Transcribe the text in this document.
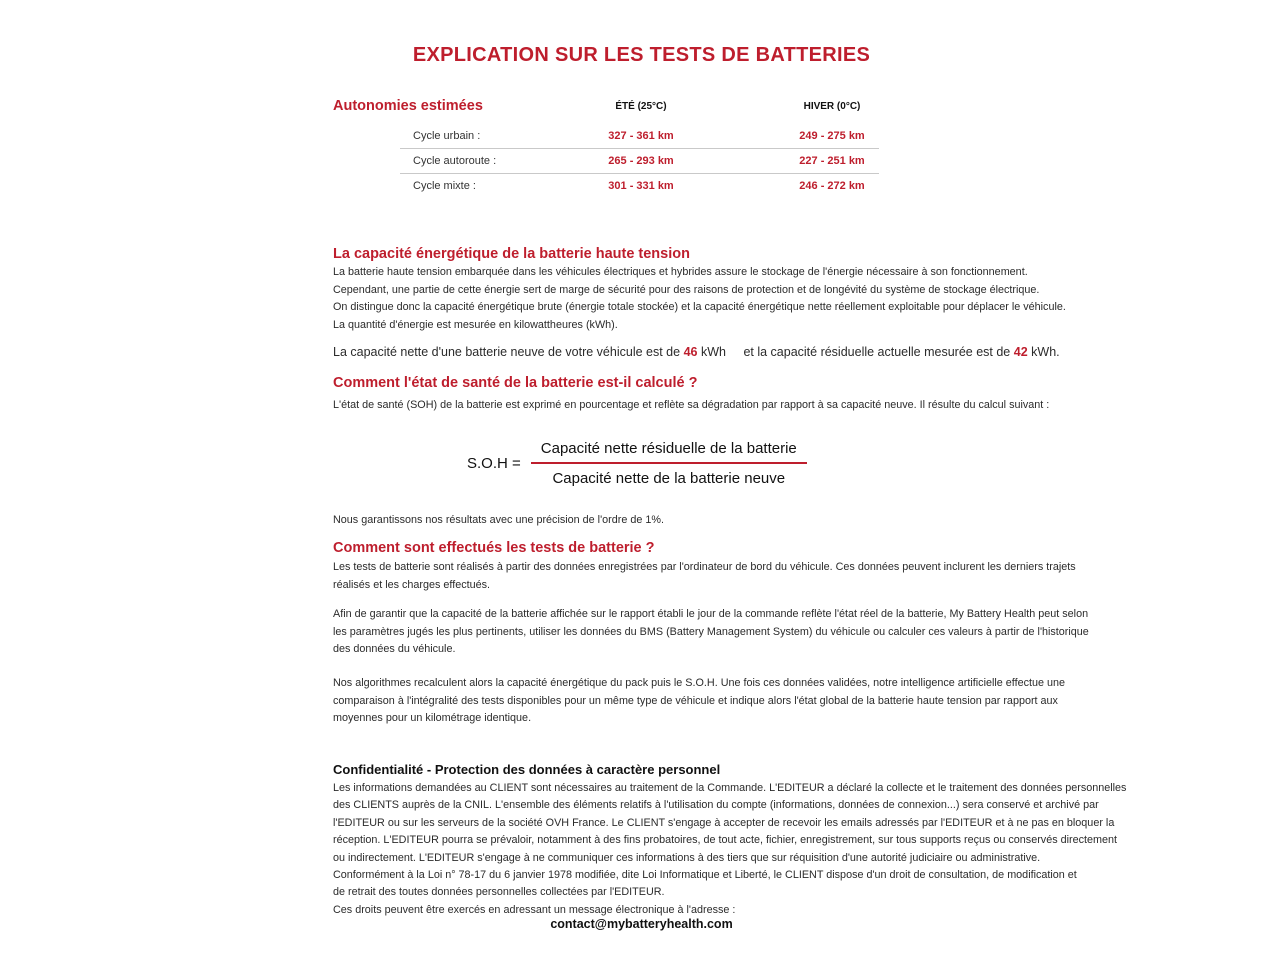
EXPLICATION SUR LES TESTS DE BATTERIES
Autonomies estimées	ÉTÉ (25°C)	HIVER (0°C)
Cycle urbain :	327 - 361 km	249 - 275 km
Cycle autoroute :	265 - 293 km	227 - 251 km
Cycle mixte :	301 - 331 km	246 - 272 km
La capacité énergétique de la batterie haute tension
La batterie haute tension embarquée dans les véhicules électriques et hybrides assure le stockage de l'énergie nécessaire à son fonctionnement.
Cependant, une partie de cette énergie sert de marge de sécurité pour des raisons de protection et de longévité du système de stockage électrique.
On distingue donc la capacité énergétique brute (énergie totale stockée) et la capacité énergétique nette réellement exploitable pour déplacer le véhicule.
La quantité d'énergie est mesurée en kilowattheures (kWh).
La capacité nette d'une batterie neuve de votre véhicule est de 46 kWh et la capacité résiduelle actuelle mesurée est de 42 kWh.
Comment l'état de santé de la batterie est-il calculé ?
L'état de santé (SOH) de la batterie est exprimé en pourcentage et reflète sa dégradation par rapport à sa capacité neuve. Il résulte du calcul suivant :
$S.O.H = \frac{\text{Capacité nette résiduelle de la batterie}}{\text{Capacité nette de la batterie neuve}}$
Nous garantissons nos résultats avec une précision de l'ordre de 1%.
Comment sont effectués les tests de batterie ?
Les tests de batterie sont réalisés à partir des données enregistrées par l'ordinateur de bord du véhicule. Ces données peuvent inclurent les derniers trajets
réalisés et les charges effectués.
Afin de garantir que la capacité de la batterie affichée sur le rapport établi le jour de la commande reflète l'état réel de la batterie, My Battery Health peut selon
les paramètres jugés les plus pertinents, utiliser les données du BMS (Battery Management System) du véhicule ou calculer ces valeurs à partir de l'historique
des données du véhicule.
Nos algorithmes recalculent alors la capacité énergétique du pack puis le S.O.H. Une fois ces données validées, notre intelligence artificielle effectue une
comparaison à l'intégralité des tests disponibles pour un même type de véhicule et indique alors l'état global de la batterie haute tension par rapport aux
moyennes pour un kilométrage identique.
Confidentialité - Protection des données à caractère personnel
Les informations demandées au CLIENT sont nécessaires au traitement de la Commande. L'EDITEUR a déclaré la collecte et le traitement des données personnelles
des CLIENTS auprès de la CNIL. L'ensemble des éléments relatifs à l'utilisation du compte (informations, données de connexion...) sera conservé et archivé par
l'EDITEUR ou sur les serveurs de la société OVH France. Le CLIENT s'engage à accepter de recevoir les emails adressés par l'EDITEUR et à ne pas en bloquer la
réception. L'EDITEUR pourra se prévaloir, notamment à des fins probatoires, de tout acte, fichier, enregistrement, sur tous supports reçus ou conservés directement
ou indirectement. L'EDITEUR s'engage à ne communiquer ces informations à des tiers que sur réquisition d'une autorité judiciaire ou administrative.
Conformément à la Loi n° 78-17 du 6 janvier 1978 modifiée, dite Loi Informatique et Liberté, le CLIENT dispose d'un droit de consultation, de modification et
de retrait des toutes données personnelles collectées par l'EDITEUR.
Ces droits peuvent être exercés en adressant un message électronique à l'adresse :
contact@mybatteryhealth.com
